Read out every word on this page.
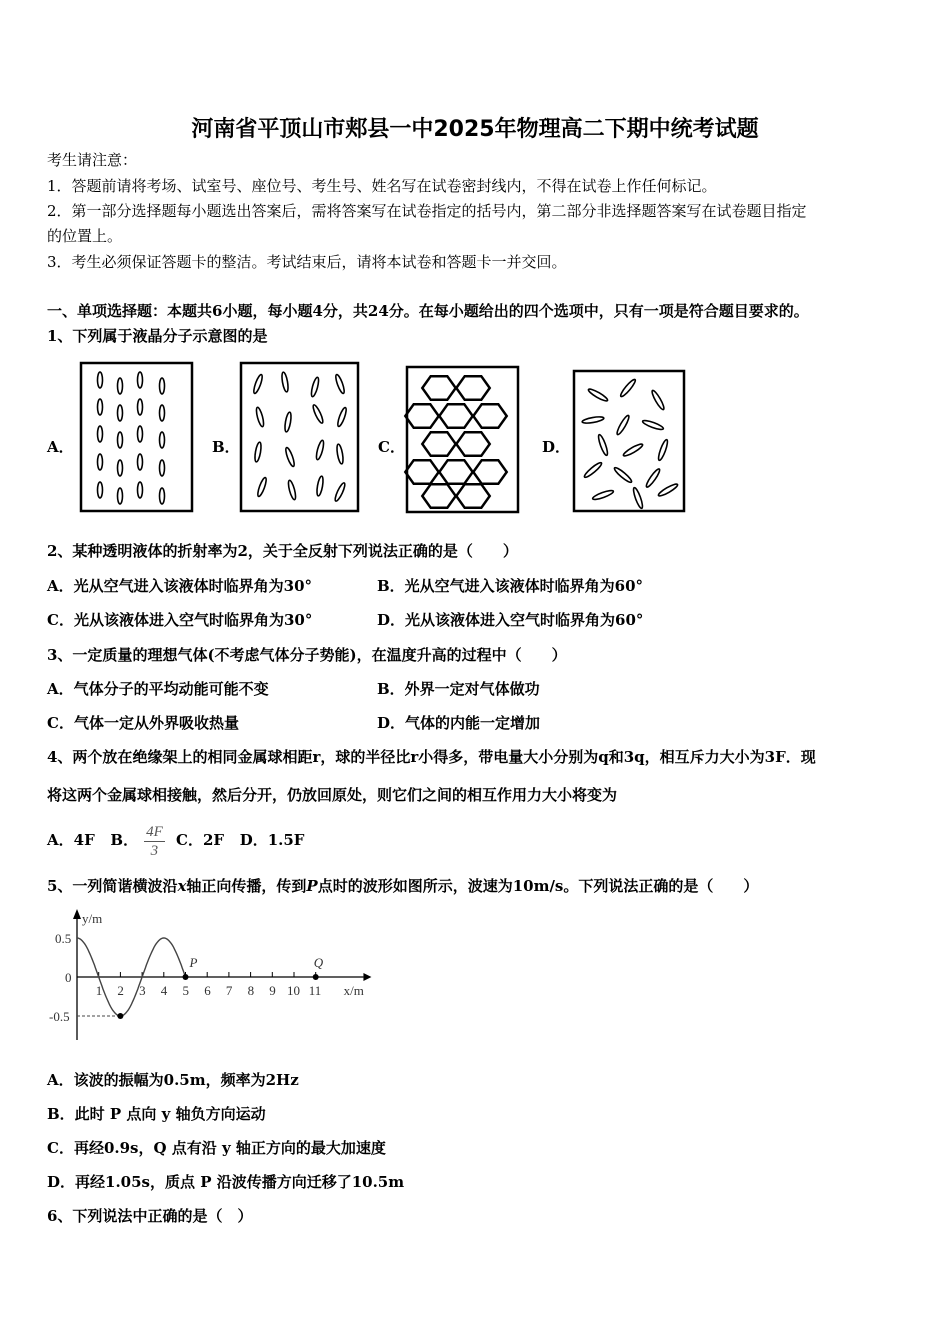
河南省平顶山市郏县一中2025年物理高二下期中统考试题
考生请注意：
1．答题前请将考场、试室号、座位号、考生号、姓名写在试卷密封线内，不得在试卷上作任何标记。
2．第一部分选择题每小题选出答案后，需将答案写在试卷指定的括号内，第二部分非选择题答案写在试卷题目指定
的位置上。
3．考生必须保证答题卡的整洁。考试结束后，请将本试卷和答题卡一并交回。
一、单项选择题：本题共6小题，每小题4分，共24分。在每小题给出的四个选项中，只有一项是符合题目要求的。
1、下列属于液晶分子示意图的是
A．	B．	C．	D．
2、某种透明液体的折射率为2，关于全反射下列说法正确的是（　　）
A．光从空气进入该液体时临界角为30°	B．光从空气进入该液体时临界角为60°
C．光从该液体进入空气时临界角为30°	D．光从该液体进入空气时临界角为60°
3、一定质量的理想气体(不考虑气体分子势能)，在温度升高的过程中（　　）
A．气体分子的平均动能可能不变	B．外界一定对气体做功
C．气体一定从外界吸收热量	D．气体的内能一定增加
4、两个放在绝缘架上的相同金属球相距r，球的半径比r小得多，带电量大小分别为q和3q，相互斥力大小为3F．现
将这两个金属球相接触，然后分开，仍放回原处，则它们之间的相互作用力大小将变为
A．4F B． $\frac{4F}{3}$ C．2F D．1.5F
5、一列简谐横波沿x轴正向传播，传到P点时的波形如图所示，波速为10m/s。下列说法正确的是（　　）
y/m
x/m
0.5
0
-0.5
1 2 3 4 5 6 7 8 9 10 11
P	Q
A．该波的振幅为0.5m，频率为2Hz
B．此时 P 点向 y 轴负方向运动
C．再经0.9s，Q 点有沿 y 轴正方向的最大加速度
D．再经1.05s，质点 P 沿波传播方向迁移了10.5m
6、下列说法中正确的是（　）
